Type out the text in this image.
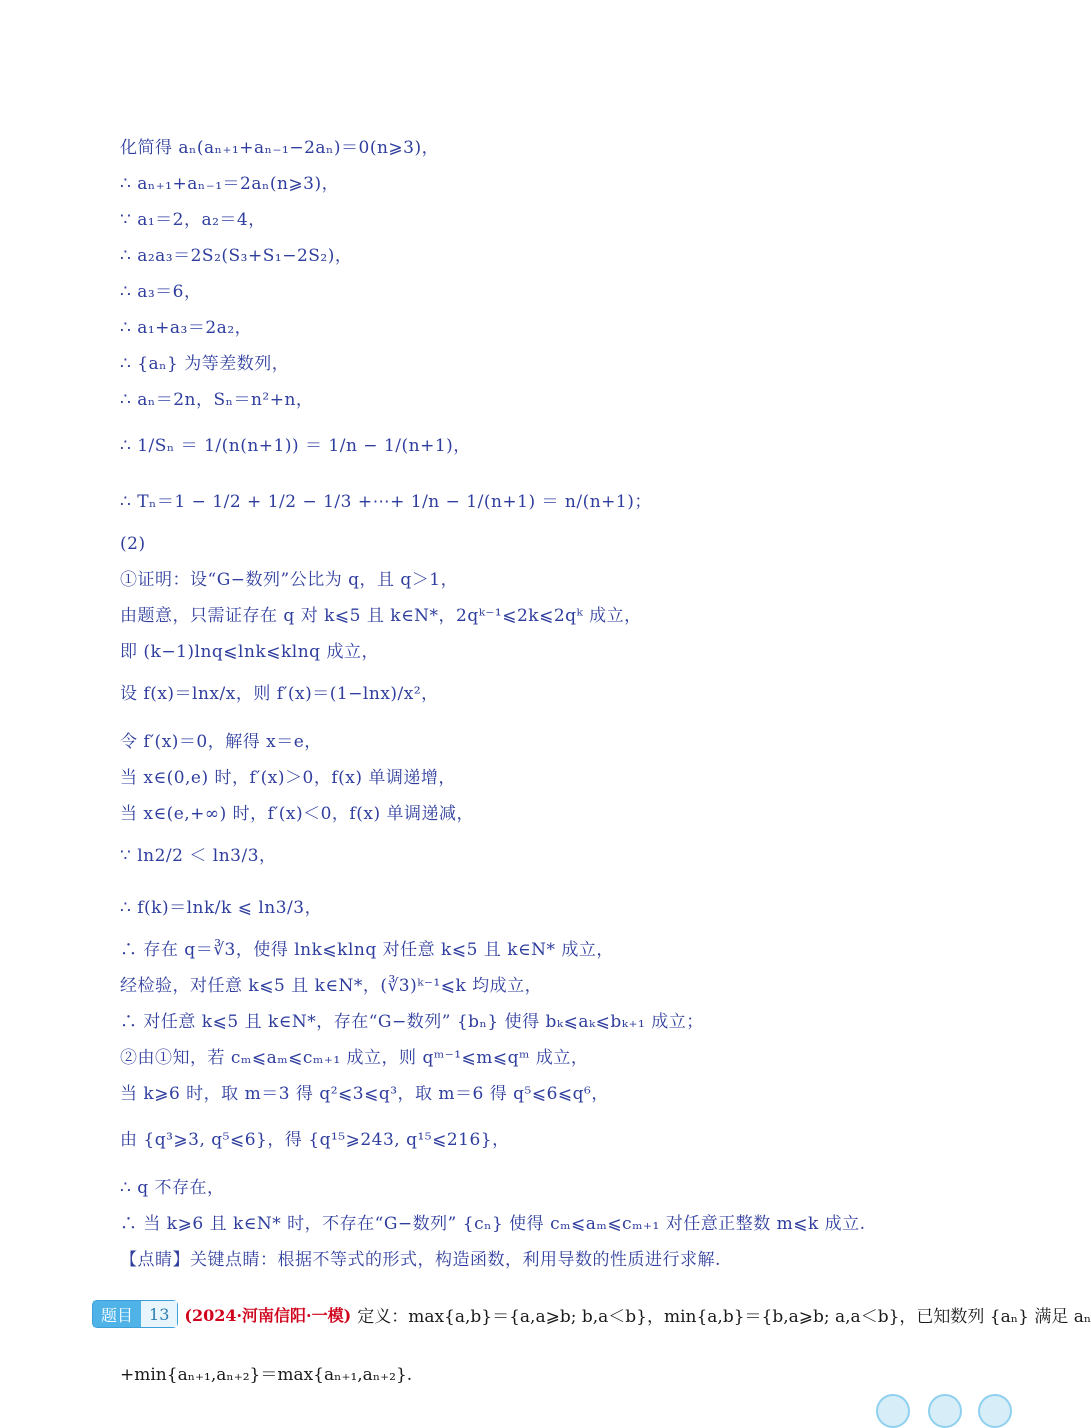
化简得 aₙ(aₙ₊₁+aₙ₋₁−2aₙ)＝0(n⩾3)，
∴ aₙ₊₁+aₙ₋₁＝2aₙ(n⩾3)，
∵ a₁＝2，a₂＝4，
∴ a₂a₃＝2S₂(S₃+S₁−2S₂)，
∴ a₃＝6，
∴ a₁+a₃＝2a₂，
∴ {aₙ} 为等差数列，
∴ aₙ＝2n，Sₙ＝n²+n，
∴ 1/Sₙ ＝ 1/(n(n+1)) ＝ 1/n − 1/(n+1)，
∴ Tₙ＝1 − 1/2 + 1/2 − 1/3 +⋯+ 1/n − 1/(n+1) ＝ n/(n+1)；
(2)
①证明：设“G−数列”公比为 q，且 q＞1，
由题意，只需证存在 q 对 k⩽5 且 k∈N*，2qᵏ⁻¹⩽2k⩽2qᵏ 成立，
即 (k−1)lnq⩽lnk⩽klnq 成立，
设 f(x)＝lnx/x，则 f′(x)＝(1−lnx)/x²，
令 f′(x)＝0，解得 x＝e，
当 x∈(0,e) 时，f′(x)＞0，f(x) 单调递增，
当 x∈(e,+∞) 时，f′(x)＜0，f(x) 单调递减，
∵ ln2/2 ＜ ln3/3，
∴ f(k)＝lnk/k ⩽ ln3/3，
∴ 存在 q＝∛3，使得 lnk⩽klnq 对任意 k⩽5 且 k∈N* 成立，
经检验，对任意 k⩽5 且 k∈N*，(∛3)ᵏ⁻¹⩽k 均成立，
∴ 对任意 k⩽5 且 k∈N*，存在“G−数列” {bₙ} 使得 bₖ⩽aₖ⩽bₖ₊₁ 成立；
②由①知，若 cₘ⩽aₘ⩽cₘ₊₁ 成立，则 qᵐ⁻¹⩽m⩽qᵐ 成立，
当 k⩾6 时，取 m＝3 得 q²⩽3⩽q³，取 m＝6 得 q⁵⩽6⩽q⁶，
由 {q³⩾3, q⁵⩽6}，得 {q¹⁵⩾243, q¹⁵⩽216}，
∴ q 不存在，
∴ 当 k⩾6 且 k∈N* 时，不存在“G−数列” {cₙ} 使得 cₘ⩽aₘ⩽cₘ₊₁ 对任意正整数 m⩽k 成立.
【点睛】关键点睛：根据不等式的形式，构造函数，利用导数的性质进行求解.
题目	13 (2024·河南信阳·一模) 定义：max{a,b}＝{a,a⩾b; b,a＜b}，min{a,b}＝{b,a⩾b; a,a＜b}，已知数列 {aₙ} 满足 aₙ
+min{aₙ₊₁,aₙ₊₂}＝max{aₙ₊₁,aₙ₊₂}.
